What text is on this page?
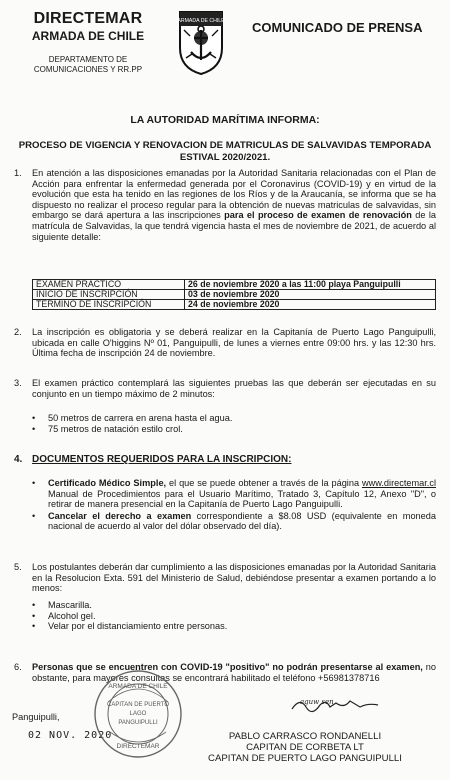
DIRECTEMAR
ARMADA DE CHILE
DEPARTAMENTO DE COMUNICACIONES Y RR.PP
ARMADA DE CHILE COMUNICADO DE PRENSA
LA AUTORIDAD MARÍTIMA INFORMA:
PROCESO DE VIGENCIA Y RENOVACION DE MATRICULAS DE SALVAVIDAS TEMPORADA ESTIVAL 2020/2021.
1. En atención a las disposiciones emanadas por la Autoridad Sanitaria relacionadas con el Plan de Acción para enfrentar la enfermedad generada por el Coronavirus (COVID-19) y en virtud de la evolución que esta ha tenido en las regiones de los Ríos y de la Araucanía, se informa que se ha dispuesto no realizar el proceso regular para la obtención de nuevas matriculas de salvavidas, sin embargo se dará apertura a las inscripciones para el proceso de examen de renovación de la matrícula de Salvavidas, la que tendrá vigencia hasta el mes de noviembre de 2021, de acuerdo al siguiente detalle:
EXAMEN PRÁCTICO	26 de noviembre 2020 a las 11:00 playa Panguipulli
INICIO DE INSCRIPCIÓN	03 de noviembre 2020
TERMINO DE INSCRIPCIÓN	24 de noviembre 2020
2. La inscripción es obligatoria y se deberá realizar en la Capitanía de Puerto Lago Panguipulli, ubicada en calle O'higgins Nº 01, Panguipulli, de lunes a viernes entre 09:00 hrs. y las 12:30 hrs. Última fecha de inscripción 24 de noviembre.
3. El examen práctico contemplará las siguientes pruebas las que deberán ser ejecutadas en su conjunto en un tiempo máximo de 2 minutos:
• 50 metros de carrera en arena hasta el agua.
• 75 metros de natación estilo crol.
4. DOCUMENTOS REQUERIDOS PARA LA INSCRIPCION:
• Certificado Médico Simple, el que se puede obtener a través de la página www.directemar.cl Manual de Procedimientos para el Usuario Marítimo, Tratado 3, Capítulo 12, Anexo "D", o retirar de manera presencial en la Capitanía de Puerto Lago Panguipulli.
• Cancelar el derecho a examen correspondiente a $8.08 USD (equivalente en moneda nacional de acuerdo al valor del dólar observado del día).
5. Los postulantes deberán dar cumplimiento a las disposiciones emanadas por la Autoridad Sanitaria en la Resolucion Exta. 591 del Ministerio de Salud, debiéndose presentar a examen portando a lo menos:
• Mascarilla.
• Alcohol gel.
• Velar por el distanciamiento entre personas.
6. Personas que se encuentren con COVID-19 "positivo" no podrán presentarse al examen, no obstante, para mayores consultas se encontrará habilitado el teléfono +56981378716
Panguipulli,
02 NOV. 2020
ARMADA DE CHILE
CAPITAN DE PUERTO
LAGO
PANGUIPULLI
DIRECTEMAR
aguw sen
PABLO CARRASCO RONDANELLI
CAPITAN DE CORBETA LT
CAPITAN DE PUERTO LAGO PANGUIPULLI
